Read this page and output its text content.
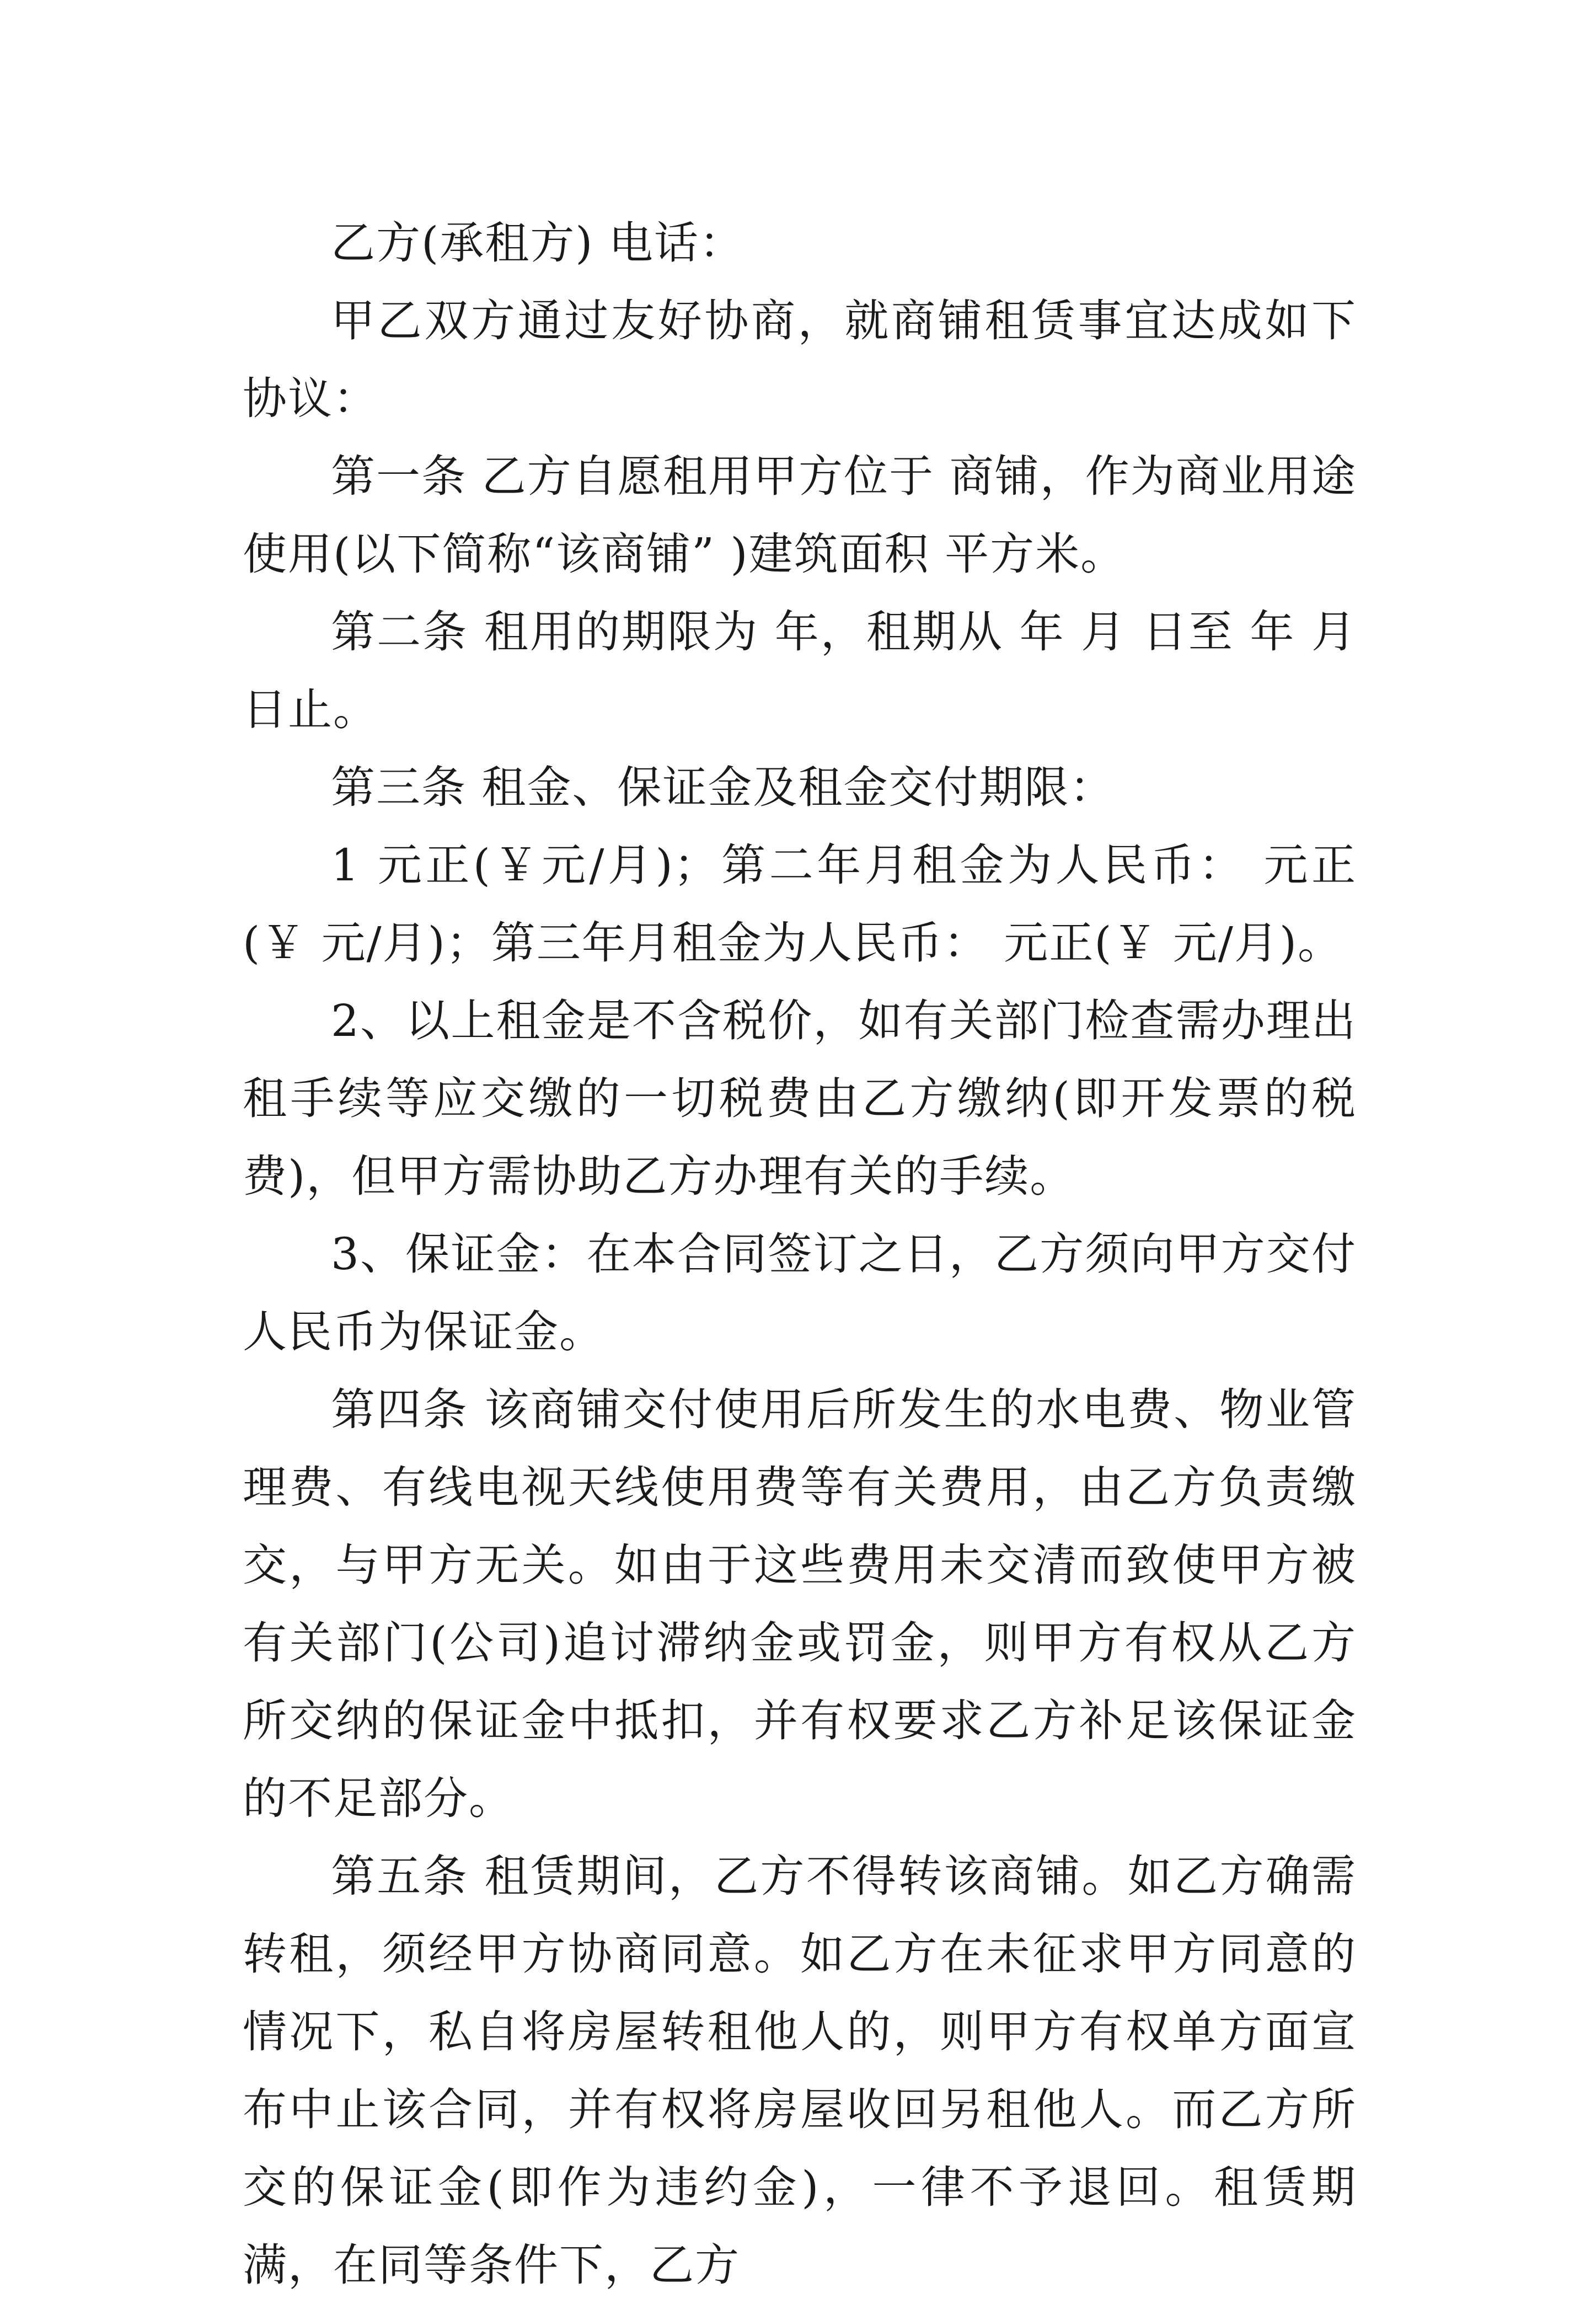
乙方(承租方) 电话：

甲乙双方通过友好协商，就商铺租赁事宜达成如下协议：

第一条 乙方自愿租用甲方位于 商铺，作为商业用途使用(以下简称“该商铺” )建筑面积 平方米。

第二条 租用的期限为 年，租期从 年 月 日至 年 月 日止。

第三条 租金、保证金及租金交付期限：

1 元正(￥元/月)；第二年月租金为人民币： 元正(￥ 元/月)；第三年月租金为人民币： 元正(￥ 元/月)。

2、以上租金是不含税价，如有关部门检查需办理出租手续等应交缴的一切税费由乙方缴纳(即开发票的税费)，但甲方需协助乙方办理有关的手续。

3、保证金：在本合同签订之日，乙方须向甲方交付人民币为保证金。

第四条 该商铺交付使用后所发生的水电费、物业管理费、有线电视天线使用费等有关费用，由乙方负责缴交，与甲方无关。如由于这些费用未交清而致使甲方被有关部门(公司)追讨滞纳金或罚金，则甲方有权从乙方所交纳的保证金中抵扣，并有权要求乙方补足该保证金的不足部分。

第五条 租赁期间，乙方不得转该商铺。如乙方确需转租，须经甲方协商同意。如乙方在未征求甲方同意的情况下，私自将房屋转租他人的，则甲方有权单方面宣布中止该合同，并有权将房屋收回另租他人。而乙方所交的保证金(即作为违约金)，一律不予退回。租赁期满，在同等条件下，乙方
